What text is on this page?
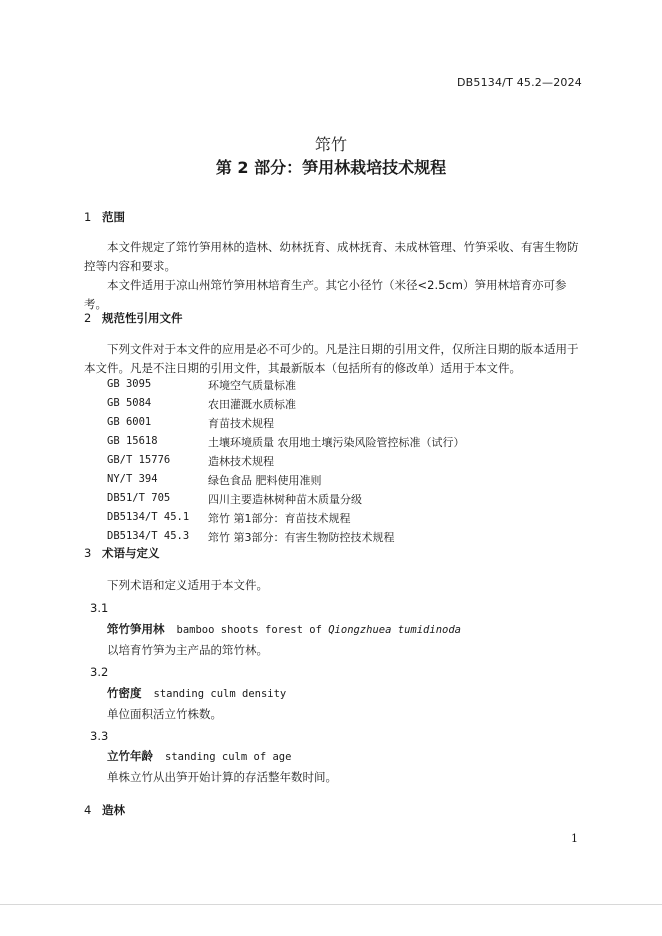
DB5134/T 45.2—2024
筇竹
第 2 部分：笋用林栽培技术规程
1 范围
本文件规定了筇竹笋用林的造林、幼林抚育、成林抚育、未成林管理、竹笋采收、有害生物防控等内容和要求。
本文件适用于凉山州筇竹笋用林培育生产。其它小径竹（米径<2.5cm）笋用林培育亦可参考。
2 规范性引用文件
下列文件对于本文件的应用是必不可少的。凡是注日期的引用文件，仅所注日期的版本适用于本文件。凡是不注日期的引用文件，其最新版本（包括所有的修改单）适用于本文件。
GB 3095	环境空气质量标准
GB 5084	农田灌溉水质标准
GB 6001	育苗技术规程
GB 15618	土壤环境质量 农用地土壤污染风险管控标准（试行）
GB/T 15776	造林技术规程
NY/T 394	绿色食品 肥料使用准则
DB51/T 705	四川主要造林树种苗木质量分级
DB5134/T 45.1 筇竹 第1部分：育苗技术规程
DB5134/T 45.3 筇竹 第3部分：有害生物防控技术规程
3 术语与定义
下列术语和定义适用于本文件。
3.1
筇竹笋用林 bamboo shoots forest of Qiongzhuea tumidinoda
以培育竹笋为主产品的筇竹林。
3.2
竹密度 standing culm density
单位面积活立竹株数。
3.3
立竹年龄 standing culm of age
单株立竹从出笋开始计算的存活整年数时间。
4 造林
1
